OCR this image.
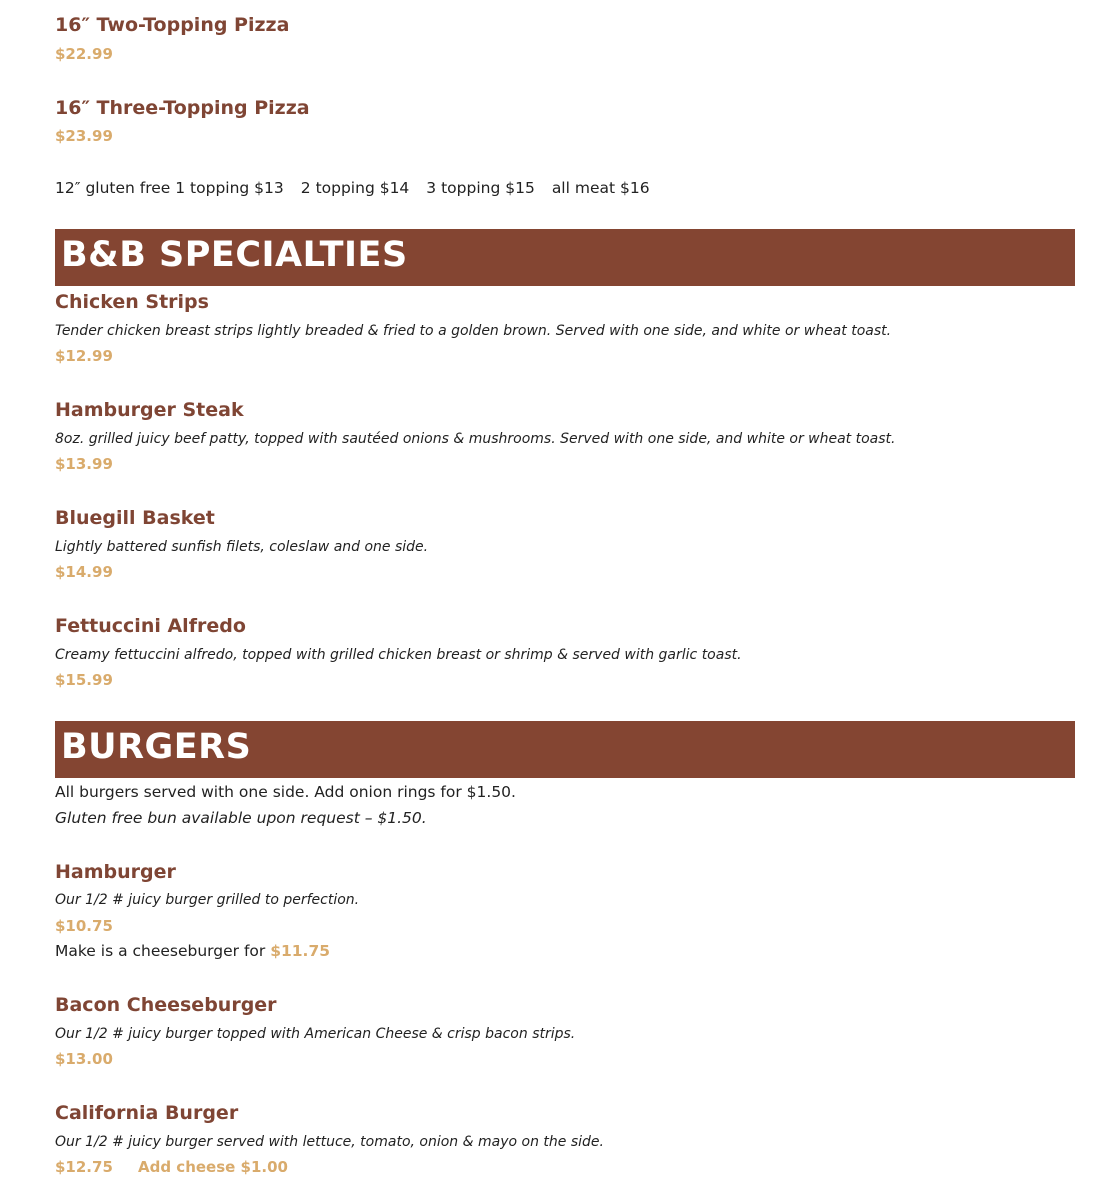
16″ Two-Topping Pizza
$22.99
16″ Three-Topping Pizza
$23.99
12″ gluten free 1 topping $13 2 topping $14 3 topping $15 all meat $16
B&B SPECIALTIES
Chicken Strips
Tender chicken breast strips lightly breaded & fried to a golden brown. Served with one side, and white or wheat toast.
$12.99
Hamburger Steak
8oz. grilled juicy beef patty, topped with sautéed onions & mushrooms. Served with one side, and white or wheat toast.
$13.99
Bluegill Basket
Lightly battered sunfish filets, coleslaw and one side.
$14.99
Fettuccini Alfredo
Creamy fettuccini alfredo, topped with grilled chicken breast or shrimp & served with garlic toast.
$15.99
BURGERS
All burgers served with one side. Add onion rings for $1.50.
Gluten free bun available upon request – $1.50.
Hamburger
Our 1/2 # juicy burger grilled to perfection.
$10.75
Make is a cheeseburger for $11.75
Bacon Cheeseburger
Our 1/2 # juicy burger topped with American Cheese & crisp bacon strips.
$13.00
California Burger
Our 1/2 # juicy burger served with lettuce, tomato, onion & mayo on the side.
$12.75 Add cheese $1.00
